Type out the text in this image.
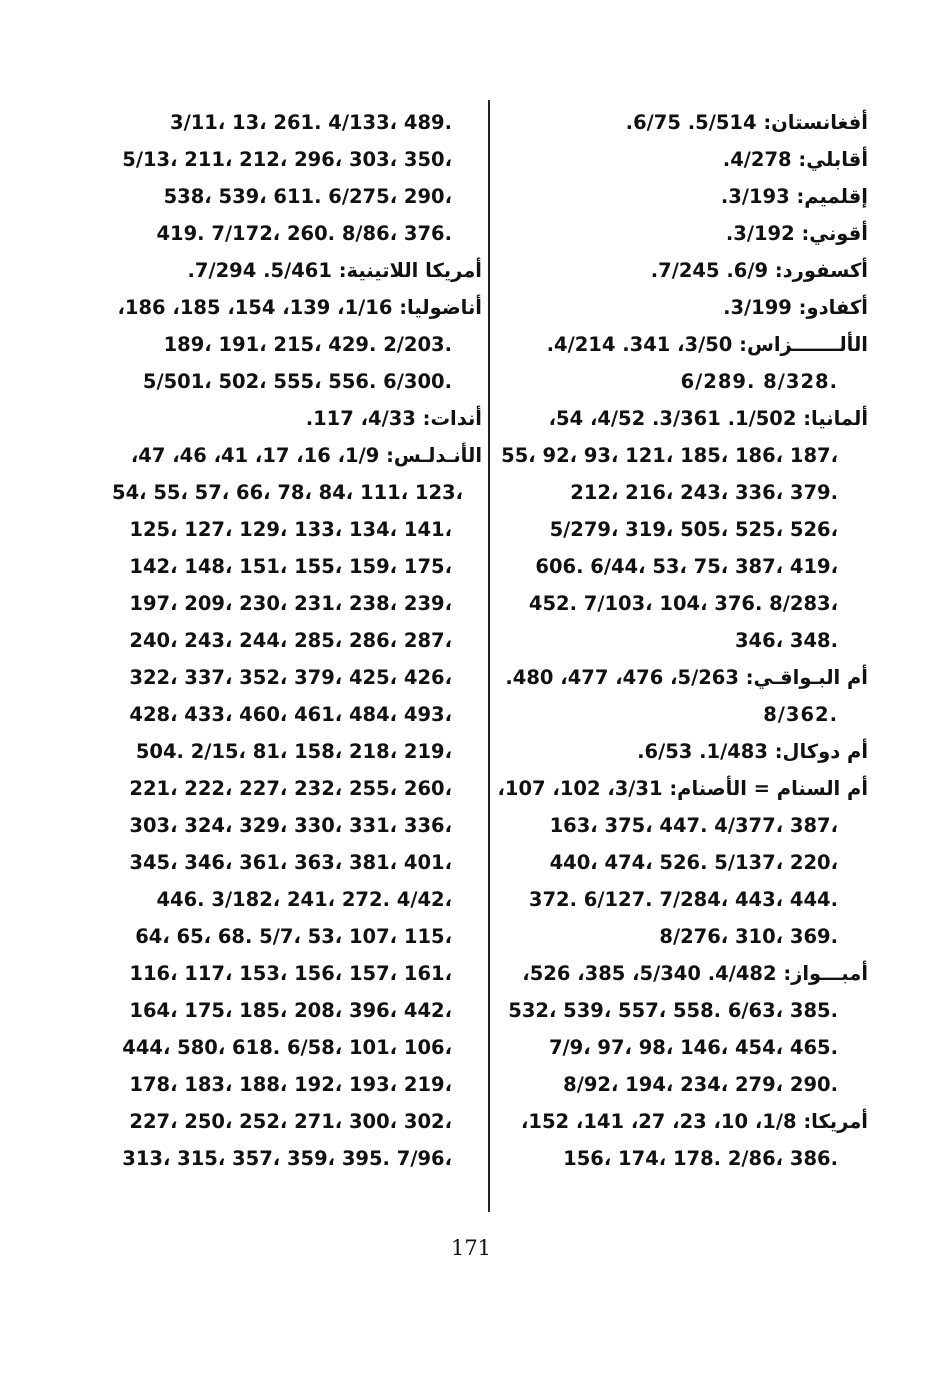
أفغانستان: 5/514. 6/75.
أقابلي: 4/278.
إقلميم: 3/193.
أقوني: 3/192.
أكسفورد: 6/9. 7/245.
أكفادو: 3/199.
الألـــــــزاس: 3/50، 341. 4/214.
6/289. 8/328.
ألمانيا: 1/502. 3/361. 4/52، 54،
55، 92، 93، 121، 185، 186، 187،
212، 216، 243، 336، 379.
5/279، 319، 505، 525، 526،
606. 6/44، 53، 75، 387، 419،
452. 7/103، 104، 376. 8/283،
346، 348.
أم البـواقـي: 5/263، 476، 477، 480.
8/362.
أم دوكال: 1/483. 6/53.
أم السنام = الأصنام: 3/31، 102، 107،
163، 375، 447. 4/377، 387،
440، 474، 526. 5/137، 220،
372. 6/127. 7/284، 443، 444.
8/276، 310، 369.
أمبـــواز: 4/482. 5/340، 385، 526،
532، 539، 557، 558. 6/63، 385.
7/9، 97، 98، 146، 454، 465.
8/92، 194، 234، 279، 290.
أمريكا: 1/8، 10، 23، 27، 141، 152،
156، 174، 178. 2/86، 386.
3/11، 13، 261. 4/133، 489.
5/13، 211، 212، 296، 303، 350،
538، 539، 611. 6/275، 290،
419. 7/172، 260. 8/86، 376.
أمريكا اللاتينية: 5/461. 7/294.
أناضوليا: 1/16، 139، 154، 185، 186،
189، 191، 215، 429. 2/203.
5/501، 502، 555، 556. 6/300.
أندات: 4/33، 117.
الأنـدلـس: 1/9، 16، 17، 41، 46، 47،
54، 55، 57، 66، 78، 84، 111، 123،
125، 127، 129، 133، 134، 141،
142، 148، 151، 155، 159، 175،
197، 209، 230، 231، 238، 239،
240، 243، 244، 285، 286، 287،
322، 337، 352، 379، 425، 426،
428، 433، 460، 461، 484، 493،
504. 2/15، 81، 158، 218، 219،
221، 222، 227، 232، 255، 260،
303، 324، 329، 330، 331، 336،
345، 346، 361، 363، 381، 401،
446. 3/182، 241، 272. 4/42،
64، 65، 68. 5/7، 53، 107، 115،
116، 117، 153، 156، 157، 161،
164، 175، 185، 208، 396، 442،
444، 580، 618. 6/58، 101، 106،
178، 183، 188، 192، 193، 219،
227، 250، 252، 271، 300، 302،
313، 315، 357، 359، 395. 7/96،
171
